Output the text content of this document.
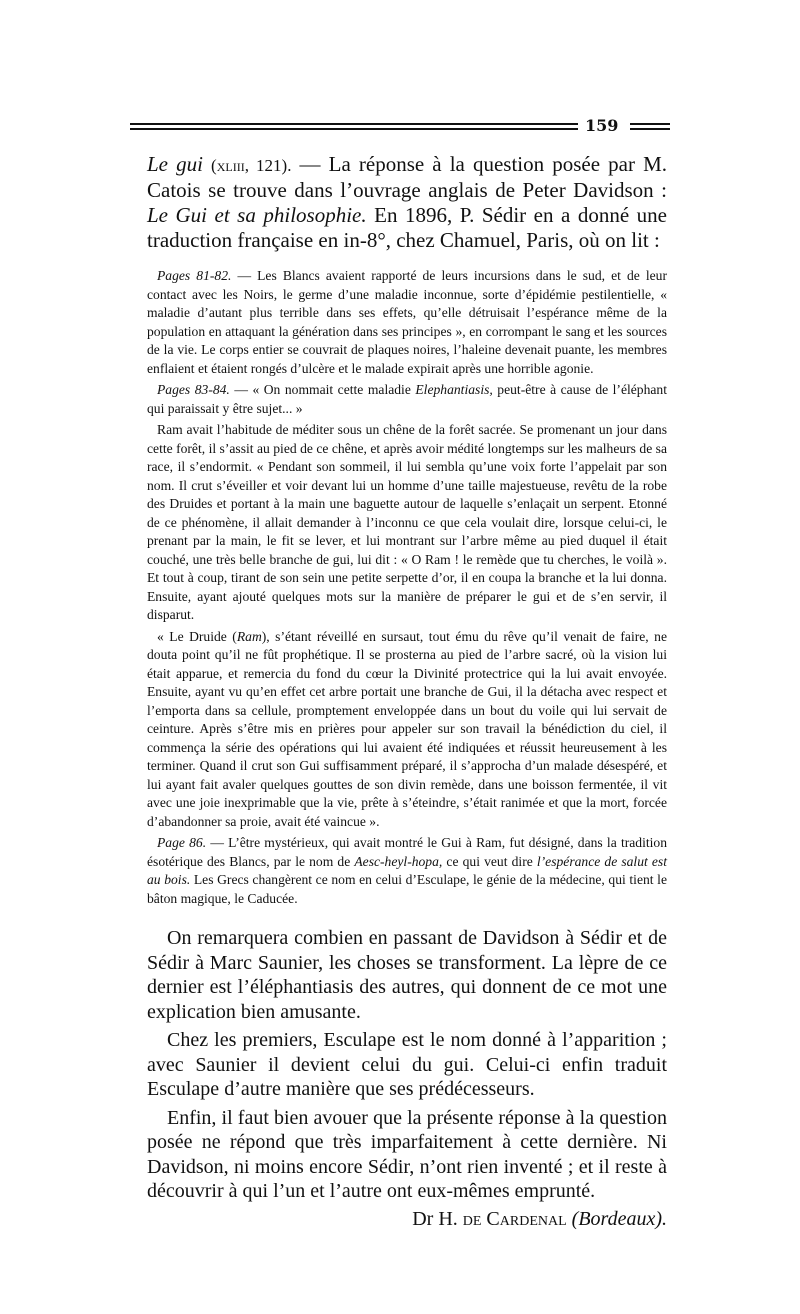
159

Le gui (xliii, 121). — La réponse à la question posée par M. Catois se trouve dans l’ouvrage anglais de Peter Davidson : Le Gui et sa philosophie. En 1896, P. Sédir en a donné une traduction française en in-8°, chez Chamuel, Paris, où on lit :

Pages 81-82. — Les Blancs avaient rapporté de leurs incursions dans le sud, et de leur contact avec les Noirs, le germe d’une maladie inconnue, sorte d’épidémie pestilentielle, « maladie d’autant plus terrible dans ses effets, qu’elle détruisait l’espérance même de la population en attaquant la génération dans ses principes », en corrompant le sang et les sources de la vie. Le corps entier se couvrait de plaques noires, l’haleine devenait puante, les membres enflaient et étaient rongés d’ulcère et le malade expirait après une horrible agonie.

Pages 83-84. — « On nommait cette maladie Elephantiasis, peut-être à cause de l’éléphant qui paraissait y être sujet... »

Ram avait l’habitude de méditer sous un chêne de la forêt sacrée. Se promenant un jour dans cette forêt, il s’assit au pied de ce chêne, et après avoir médité longtemps sur les malheurs de sa race, il s’endormit. « Pendant son sommeil, il lui sembla qu’une voix forte l’appelait par son nom. Il crut s’éveiller et voir devant lui un homme d’une taille majestueuse, revêtu de la robe des Druides et portant à la main une baguette autour de laquelle s’enlaçait un serpent. Etonné de ce phénomène, il allait demander à l’inconnu ce que cela voulait dire, lorsque celui-ci, le prenant par la main, le fit se lever, et lui montrant sur l’arbre même au pied duquel il était couché, une très belle branche de gui, lui dit : « O Ram ! le remède que tu cherches, le voilà ». Et tout à coup, tirant de son sein une petite serpette d’or, il en coupa la branche et la lui donna. Ensuite, ayant ajouté quelques mots sur la manière de préparer le gui et de s’en servir, il disparut.

« Le Druide (Ram), s’étant réveillé en sursaut, tout ému du rêve qu’il venait de faire, ne douta point qu’il ne fût prophétique. Il se prosterna au pied de l’arbre sacré, où la vision lui était apparue, et remercia du fond du cœur la Divinité protectrice qui la lui avait envoyée. Ensuite, ayant vu qu’en effet cet arbre portait une branche de Gui, il la détacha avec respect et l’emporta dans sa cellule, promptement enveloppée dans un bout du voile qui lui servait de ceinture. Après s’être mis en prières pour appeler sur son travail la bénédiction du ciel, il commença la série des opérations qui lui avaient été indiquées et réussit heureusement à les terminer. Quand il crut son Gui suffisamment préparé, il s’approcha d’un malade désespéré, et lui ayant fait avaler quelques gouttes de son divin remède, dans une boisson fermentée, il vit avec une joie inexprimable que la vie, prête à s’éteindre, s’était ranimée et que la mort, forcée d’abandonner sa proie, avait été vaincue ».

Page 86. — L’être mystérieux, qui avait montré le Gui à Ram, fut désigné, dans la tradition ésotérique des Blancs, par le nom de Aesc-heyl-hopa, ce qui veut dire l’espérance de salut est au bois. Les Grecs changèrent ce nom en celui d’Esculape, le génie de la médecine, qui tient le bâton magique, le Caducée.

On remarquera combien en passant de Davidson à Sédir et de Sédir à Marc Saunier, les choses se transforment. La lèpre de ce dernier est l’éléphantiasis des autres, qui donnent de ce mot une explication bien amusante.

Chez les premiers, Esculape est le nom donné à l’apparition ; avec Saunier il devient celui du gui. Celui-ci enfin traduit Esculape d’autre manière que ses prédécesseurs.

Enfin, il faut bien avouer que la présente réponse à la question posée ne répond que très imparfaitement à cette dernière. Ni Davidson, ni moins encore Sédir, n’ont rien inventé ; et il reste à découvrir à qui l’un et l’autre ont eux-mêmes emprunté.

Dr H. de Cardenal (Bordeaux).
